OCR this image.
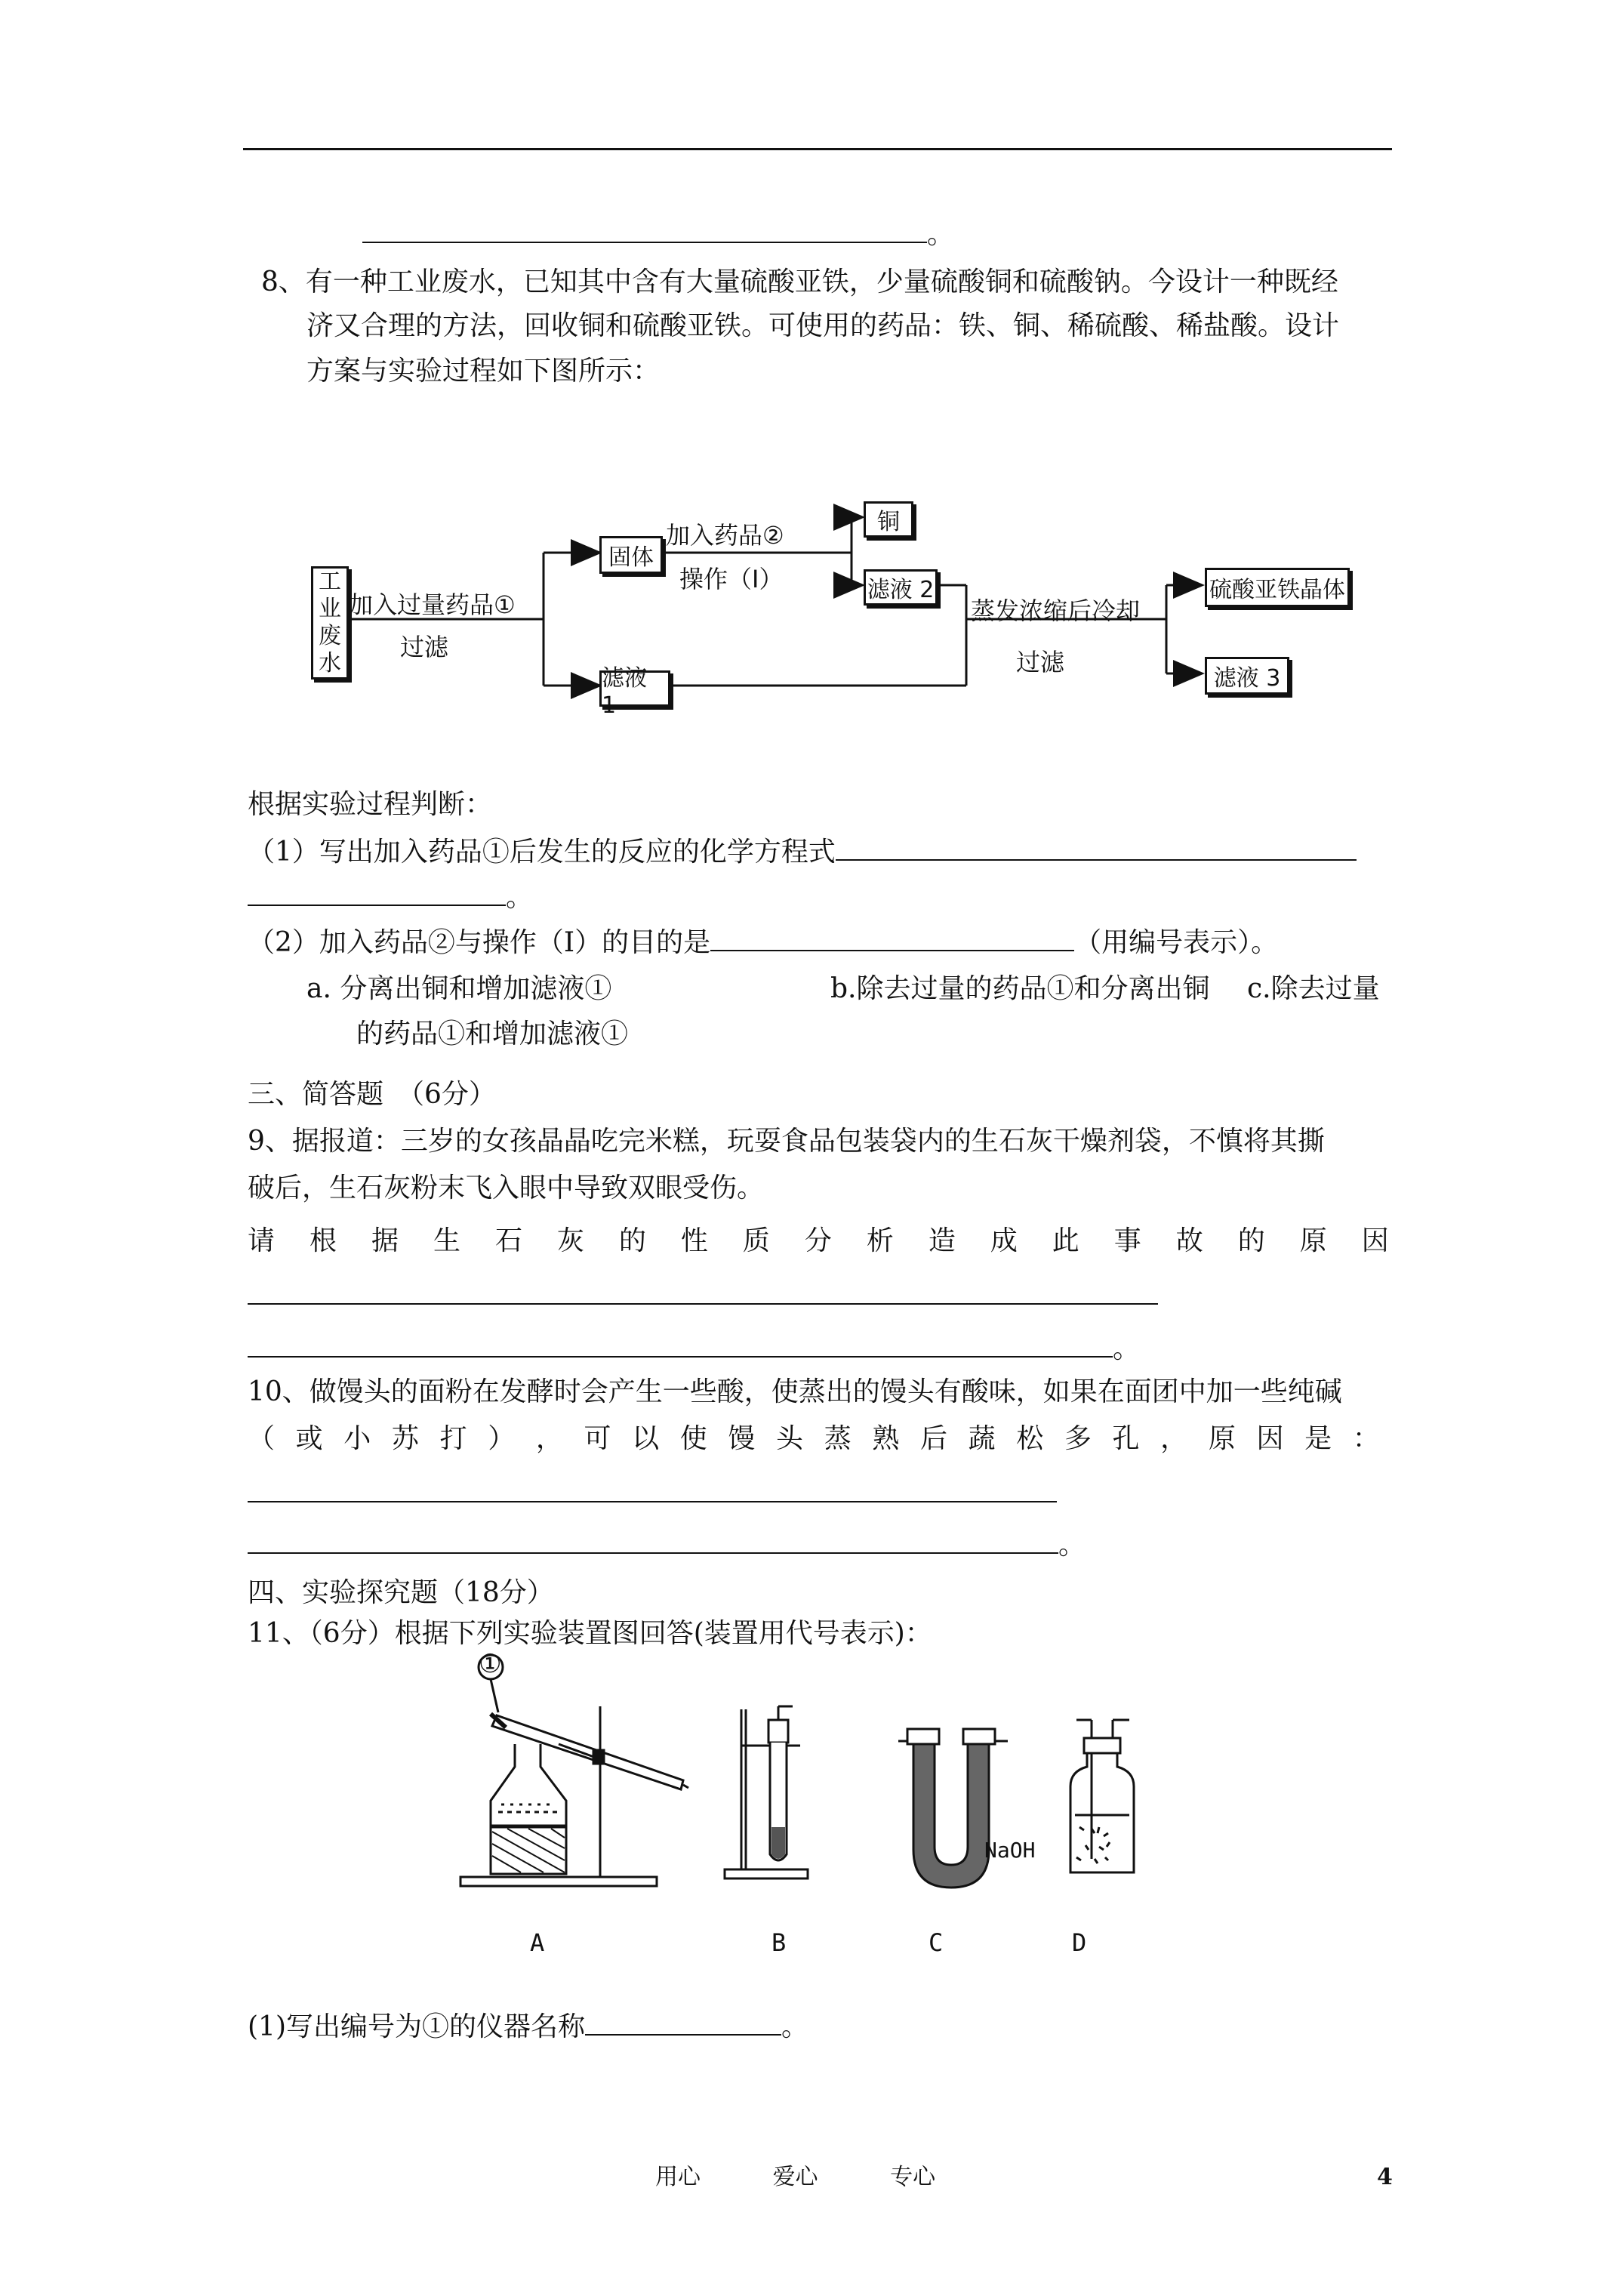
。
8、有一种工业废水，已知其中含有大量硫酸亚铁，少量硫酸铜和硫酸钠。今设计一种既经
济又合理的方法，回收铜和硫酸亚铁。可使用的药品：铁、铜、稀硫酸、稀盐酸。设计
方案与实验过程如下图所示：
工
业
废
水
加入过量药品①
过滤
固体
加入药品②
操作（Ⅰ）
铜
滤液 2
滤液 1
蒸发浓缩后冷却
过滤
硫酸亚铁晶体
滤液 3
根据实验过程判断：
（1）写出加入药品①后发生的反应的化学方程式
。
（2）加入药品②与操作（Ⅰ）的目的是	（用编号表示）。
a. 分离出铜和增加滤液①	b.除去过量的药品①和分离出铜 c.除去过量
的药品①和增加滤液①
三、简答题　（6分）
9、据报道：三岁的女孩晶晶吃完米糕，玩耍食品包装袋内的生石灰干燥剂袋，不慎将其撕
破后，生石灰粉末飞入眼中导致双眼受伤。
请 根 据 生 石 灰 的 性 质 分 析 造 成 此 事 故 的 原 因
。
10、做馒头的面粉在发酵时会产生一些酸，使蒸出的馒头有酸味，如果在面团中加一些纯碱
（ 或 小 苏 打 ） ， 可 以 使 馒 头 蒸 熟 后 蔬 松 多 孔 ， 原 因 是 ：
。
四、实验探究题（18分）
11、（6分）根据下列实验装置图回答(装置用代号表示)：
①
NaOH
A	B	C	D
(1)写出编号为①的仪器名称	。
用心	爱心	专心	4
